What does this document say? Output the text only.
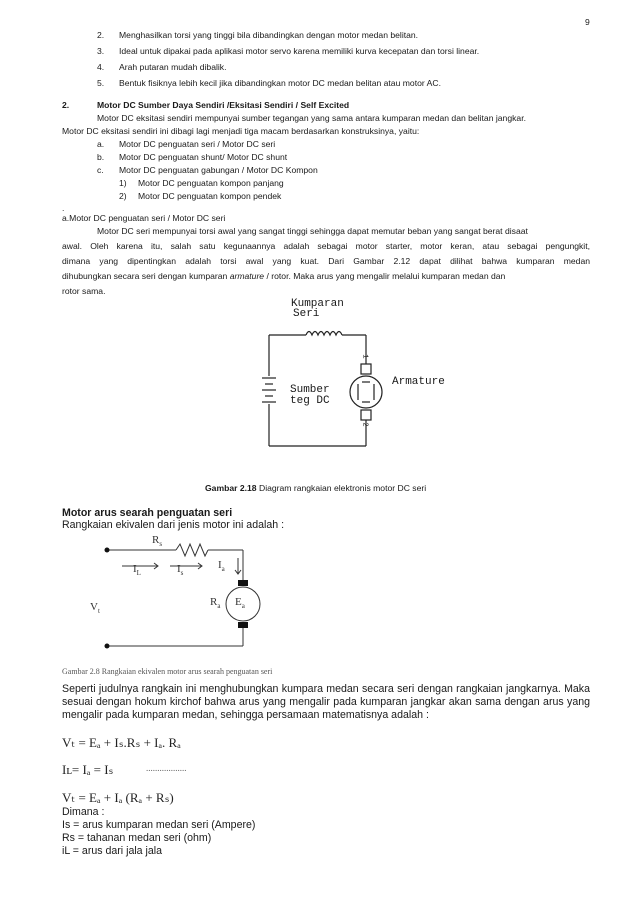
9
2. Menghasilkan torsi yang tinggi bila dibandingkan dengan motor medan belitan.
3. Ideal untuk dipakai pada aplikasi motor servo karena memiliki kurva kecepatan dan torsi linear.
4. Arah putaran mudah dibalik.
5. Bentuk fisiknya lebih kecil jika dibandingkan motor DC medan belitan atau motor AC.
2.	Motor DC Sumber Daya Sendiri /Eksitasi Sendiri / Self Excited
Motor DC eksitasi sendiri mempunyai sumber tegangan yang sama antara kumparan medan dan belitan jangkar.
Motor DC eksitasi sendiri ini dibagi lagi menjadi tiga macam berdasarkan konstruksinya, yaitu:
a. Motor DC penguatan seri / Motor DC seri
b. Motor DC penguatan shunt/ Motor DC shunt
c. Motor DC penguatan gabungan / Motor DC Kompon
1) Motor DC penguatan kompon panjang
2) Motor DC penguatan kompon pendek
.
a.Motor DC penguatan seri / Motor DC seri
Motor DC seri mempunyai torsi awal yang sangat tinggi sehingga dapat memutar beban yang sangat berat disaat
awal. Oleh karena itu, salah satu kegunaannya adalah sebagai motor starter, motor keran, atau sebagai pengungkit,
dimana yang dipentingkan adalah torsi awal yang kuat. Dari Gambar 2.12 dapat dilihat bahwa kumparan medan
dihubungkan secara seri dengan kumparan armature / rotor. Maka arus yang mengalir melalui kumparan medan dan
rotor sama.
Kumparan
Seri
Sumber
teg DC
Armature
1
2
Gambar 2.18 Diagram rangkaian elektronis motor DC seri
Motor arus searah penguatan seri
Rangkaian ekivalen dari jenis motor ini adalah :
$R_s$
$I_L$	$I_s$
$I_a$
$V_t$
$R_a$ $E_a$
Gambar 2.8 Rangkaian ekivalen motor arus searah penguatan seri
Seperti judulnya rangkain ini menghubungkan kumpara medan secara seri dengan rangkaian jangkarnya. Maka
sesuai dengan hokum kirchof bahwa arus yang mengalir pada kumparan jangkar akan sama dengan arus yang
mengalir pada kumparan medan, sehingga persamaan matematisnya adalah :
Vₜ = Eₐ + Iₛ.Rₛ + Iₐ. Rₐ
Iʟ= Iₐ = Iₛ	..................
Vₜ = Eₐ + Iₐ (Rₐ + Rₛ)
Dimana :
Is = arus kumparan medan seri (Ampere)
Rs = tahanan medan seri (ohm)
iL = arus dari jala jala
